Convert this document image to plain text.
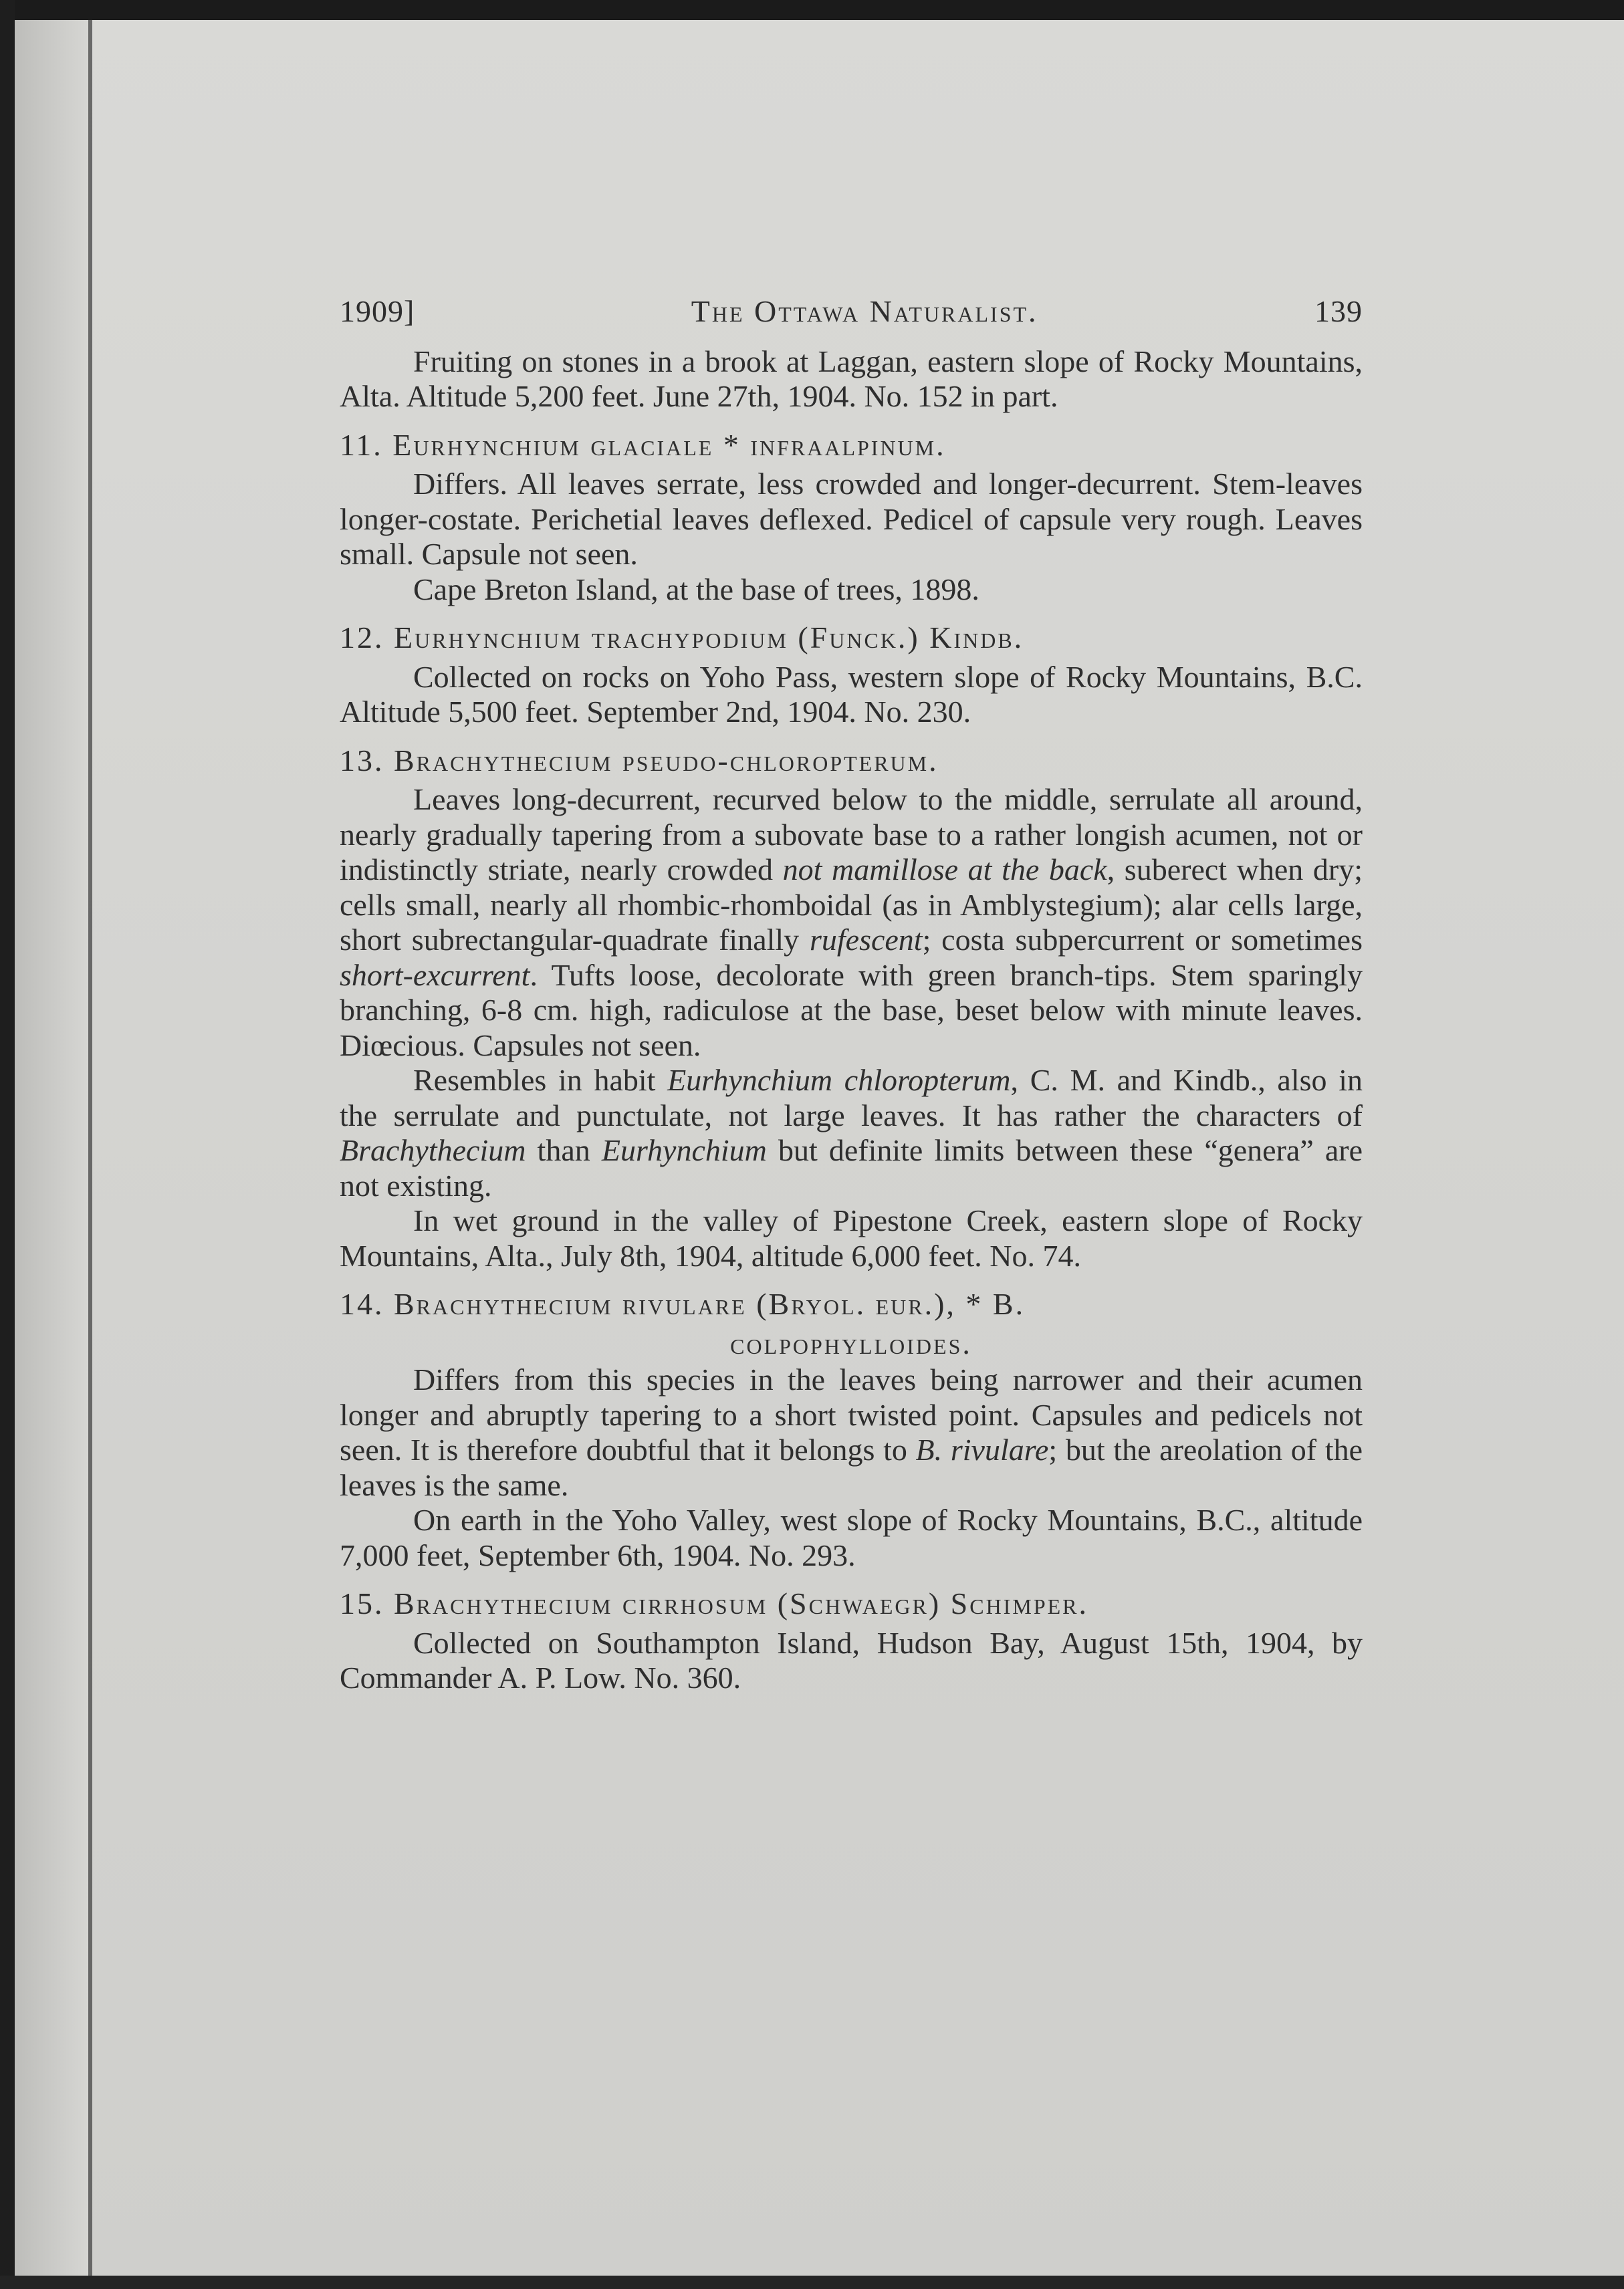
1909]	The Ottawa Naturalist.	139

Fruiting on stones in a brook at Laggan, eastern slope of Rocky Mountains, Alta. Altitude 5,200 feet. June 27th, 1904. No. 152 in part.

11. Eurhynchium glaciale * infraalpinum.

Differs. All leaves serrate, less crowded and longer-decurrent. Stem-leaves longer-costate. Perichetial leaves deflexed. Pedicel of capsule very rough. Leaves small. Capsule not seen.

Cape Breton Island, at the base of trees, 1898.

12. Eurhynchium trachypodium (Funck.) Kindb.

Collected on rocks on Yoho Pass, western slope of Rocky Mountains, B.C. Altitude 5,500 feet. September 2nd, 1904. No. 230.

13. Brachythecium pseudo-chloropterum.

Leaves long-decurrent, recurved below to the middle, serrulate all around, nearly gradually tapering from a subovate base to a rather longish acumen, not or indistinctly striate, nearly crowded not mamillose at the back, suberect when dry; cells small, nearly all rhombic-rhomboidal (as in Amblystegium); alar cells large, short subrectangular-quadrate finally rufescent; costa subpercurrent or sometimes short-excurrent. Tufts loose, decolorate with green branch-tips. Stem sparingly branching, 6-8 cm. high, radiculose at the base, beset below with minute leaves. Diœcious. Capsules not seen.

Resembles in habit Eurhynchium chloropterum, C. M. and Kindb., also in the serrulate and punctulate, not large leaves. It has rather the characters of Brachythecium than Eurhynchium but definite limits between these “genera” are not existing.

In wet ground in the valley of Pipestone Creek, eastern slope of Rocky Mountains, Alta., July 8th, 1904, altitude 6,000 feet. No. 74.

14. Brachythecium rivulare (Bryol. eur.), * B.

colpophylloides.

Differs from this species in the leaves being narrower and their acumen longer and abruptly tapering to a short twisted point. Capsules and pedicels not seen. It is therefore doubtful that it belongs to B. rivulare; but the areolation of the leaves is the same.

On earth in the Yoho Valley, west slope of Rocky Mountains, B.C., altitude 7,000 feet, September 6th, 1904. No. 293.

15. Brachythecium cirrhosum (Schwaegr) Schimper.

Collected on Southampton Island, Hudson Bay, August 15th, 1904, by Commander A. P. Low. No. 360.
